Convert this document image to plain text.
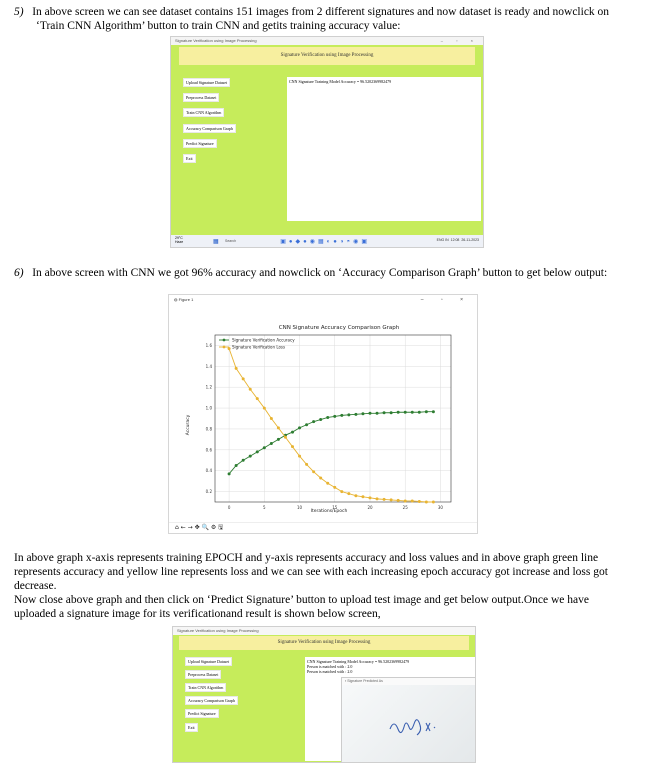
5) In above screen we can see dataset contains 151 images from 2 different signatures and now dataset is ready and nowclick on
‘Train CNN Algorithm’ button to train CNN and getits training accuracy value:
Signature Verification using Image Processing	– ▫ ×
Signature Verification using Image Processing
Upload Signature Dataset
Preprocess Dataset
Train CNN Algorithm
Accuracy Comparison Graph
Predict Signature
Exit
CNN Signature Training Model Accuracy = 96.5202369982479
29°C
Haze	▦ Search	▣●◆●◉▦◐●◑◓◉▣	ENG IN 12:08 26-11-2023
6) In above screen with CNN we got 96% accuracy and nowclick on ‘Accuracy Comparison Graph’ button to get below output:
◍ Figure 1	– ▫ ×
CNN Signature Accuracy Comparison Graph
Iterations/Epoch
Accuracy
0	5	10	15	20	25	30
0.2
0.4
0.6
0.8
1.0
1.2
1.4
1.6
Signature Verification Accuracy
Signature Verification Loss
⌂ ← → ✥ 🔍 ⚙ 🖫
In above graph x-axis represents training EPOCH and y-axis represents accuracy and loss values and in above graph green line
represents accuracy and yellow line represents loss and we can see with each increasing epoch accuracy got increase and loss got
decrease.
Now close above graph and then click on ‘Predict Signature’ button to upload test image and get below output.Once we have
uploaded a signature image for its verificationand result is shown below screen,
Signature Verification using Image Processing
Signature Verification using Image Processing
Upload Signature Dataset
Preprocess Dataset
Train CNN Algorithm
Accuracy Comparison Graph
Predict Signature
Exit
CNN Signature Training Model Accuracy = 96.5202369982479
Person is matched with : 2.0
Person is matched with : 2.0
▪ Signature Predicted As
